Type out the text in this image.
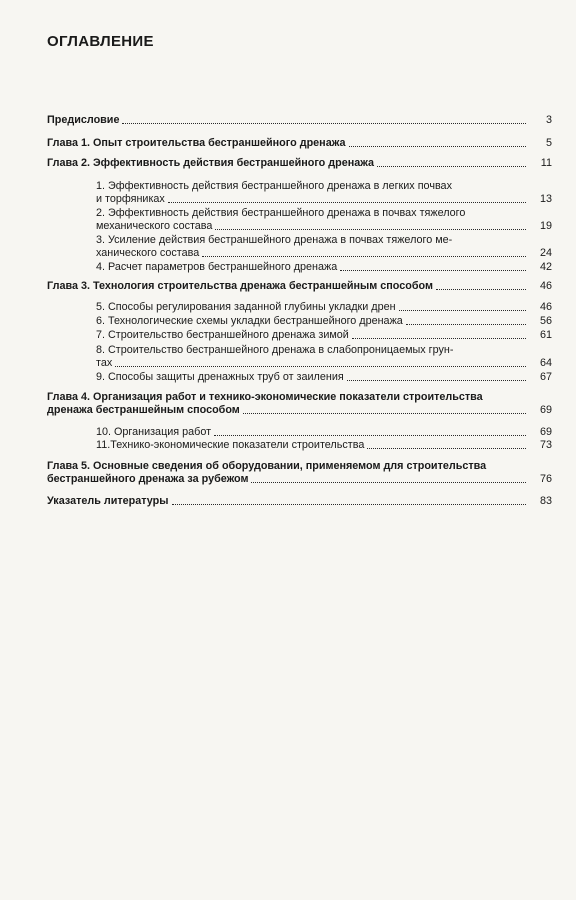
ОГЛАВЛЕНИЕ
Предисловие	3
Глава 1. Опыт строительства бестраншейного дренажа	5
Глава 2. Эффективность действия бестраншейного дренажа	11
1. Эффективность действия бестраншейного дренажа в легких почвах
и торфяниках	13
2. Эффективность действия бестраншейного дренажа в почвах тяжелого
механического состава	19
3. Усиление действия бестраншейного дренажа в почвах тяжелого ме-
ханического состава	24
4. Расчет параметров бестраншейного дренажа	42
Глава 3. Технология строительства дренажа бестраншейным способом	46
5. Способы регулирования заданной глубины укладки дрен	46
6. Технологические схемы укладки бестраншейного дренажа	56
7. Строительство бестраншейного дренажа зимой	61
8. Строительство бестраншейного дренажа в слабопроницаемых грун-
тах	64
9. Способы защиты дренажных труб от заиления	67
Глава 4. Организация работ и технико-экономические показатели строительства
дренажа бестраншейным способом	69
10. Организация работ	69
11.Технико-экономические показатели строительства	73
Глава 5. Основные сведения об оборудовании, применяемом для строительства
бестраншейного дренажа за рубежом	76
Указатель литературы	83
